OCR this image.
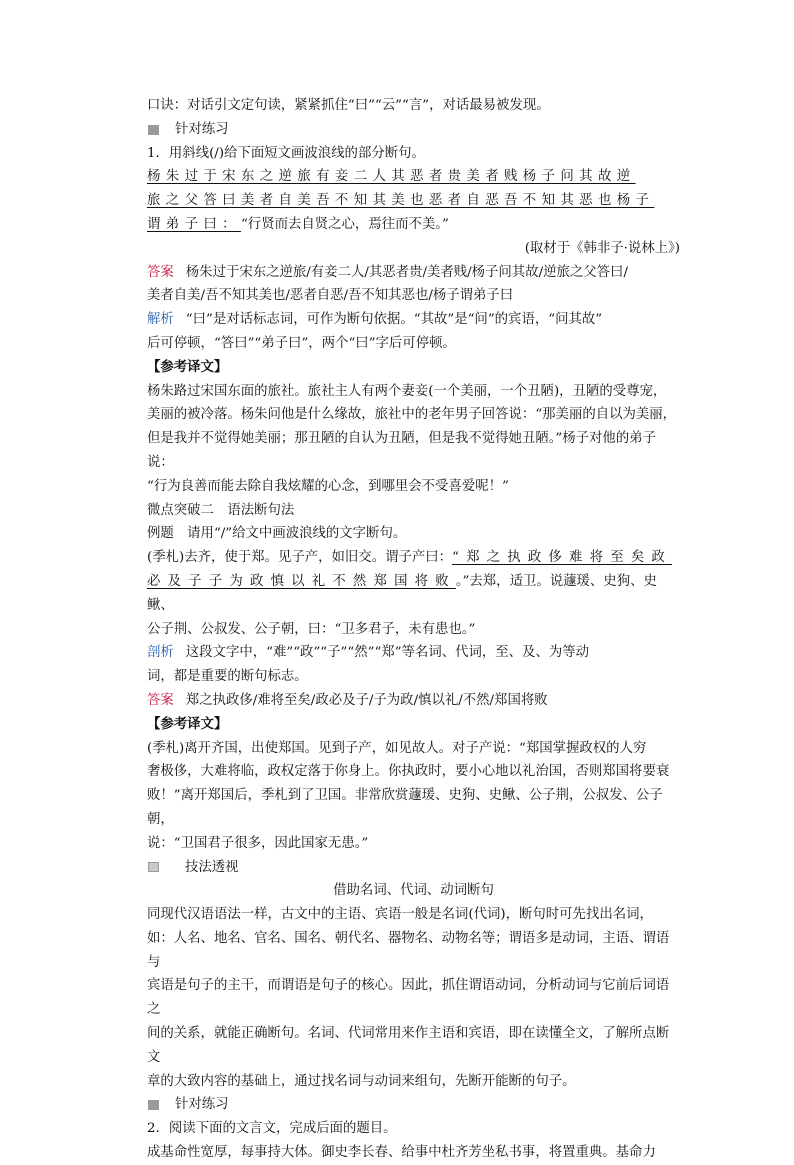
口诀：对话引文定句读，紧紧抓住“曰”“云”“言”，对话最易被发现。

针对练习

1．用斜线(/)给下面短文画波浪线的部分断句。

杨朱过于宋东之逆旅有妾二人其恶者贵美者贱杨子问其故逆

旅之父答曰美者自美吾不知其美也恶者自恶吾不知其恶也杨子

谓弟子曰：“行贤而去自贤之心，焉往而不美。”

(取材于《韩非子·说林上》)

答案 杨朱过于宋东之逆旅/有妾二人/其恶者贵/美者贱/杨子问其故/逆旅之父答曰/

美者自美/吾不知其美也/恶者自恶/吾不知其恶也/杨子谓弟子曰

解析 “曰”是对话标志词，可作为断句依据。“其故”是“问”的宾语，“问其故”

后可停顿，“答曰”“弟子曰”，两个“曰”字后可停顿。

【参考译文】

杨朱路过宋国东面的旅社。旅社主人有两个妻妾(一个美丽，一个丑陋)，丑陋的受尊宠，

美丽的被冷落。杨朱问他是什么缘故，旅社中的老年男子回答说：“那美丽的自以为美丽，

但是我并不觉得她美丽；那丑陋的自认为丑陋，但是我不觉得她丑陋。”杨子对他的弟子说：

“行为良善而能去除自我炫耀的心念，到哪里会不受喜爱呢！”

微点突破二　语法断句法

例题　请用“/”给文中画波浪线的文字断句。

(季札)去齐，使于郑。见子产，如旧交。谓子产曰：“郑之执政侈难将至矣政

必及子子为政慎以礼不然郑国将败。”去郑，适卫。说蘧瑗、史狗、史鳅、

公子荆、公叔发、公子朝，曰：“卫多君子，未有患也。”

剖析 这段文字中，“难”“政”“子”“然”“郑”等名词、代词，至、及、为等动

词，都是重要的断句标志。

答案 郑之执政侈/难将至矣/政必及子/子为政/慎以礼/不然/郑国将败

【参考译文】

(季札)离开齐国，出使郑国。见到子产，如见故人。对子产说：“郑国掌握政权的人穷

奢极侈，大难将临，政权定落于你身上。你执政时，要小心地以礼治国，否则郑国将要衰

败！”离开郑国后，季札到了卫国。非常欣赏蘧瑗、史狗、史鳅、公子荆，公叔发、公子朝，

说：“卫国君子很多，因此国家无患。”

技法透视

借助名词、代词、动词断句

同现代汉语语法一样，古文中的主语、宾语一般是名词(代词)，断句时可先找出名词，

如：人名、地名、官名、国名、朝代名、器物名、动物名等；谓语多是动词，主语、谓语与

宾语是句子的主干，而谓语是句子的核心。因此，抓住谓语动词，分析动词与它前后词语之

间的关系，就能正确断句。名词、代词常用来作主语和宾语，即在读懂全文，了解所点断文

章的大致内容的基础上，通过找名词与动词来组句，先断开能断的句子。

针对练习

2．阅读下面的文言文，完成后面的题目。

成基命性宽厚，每事持大体。御史李长春、给事中杜齐芳坐私书事，将置重典。基命力
